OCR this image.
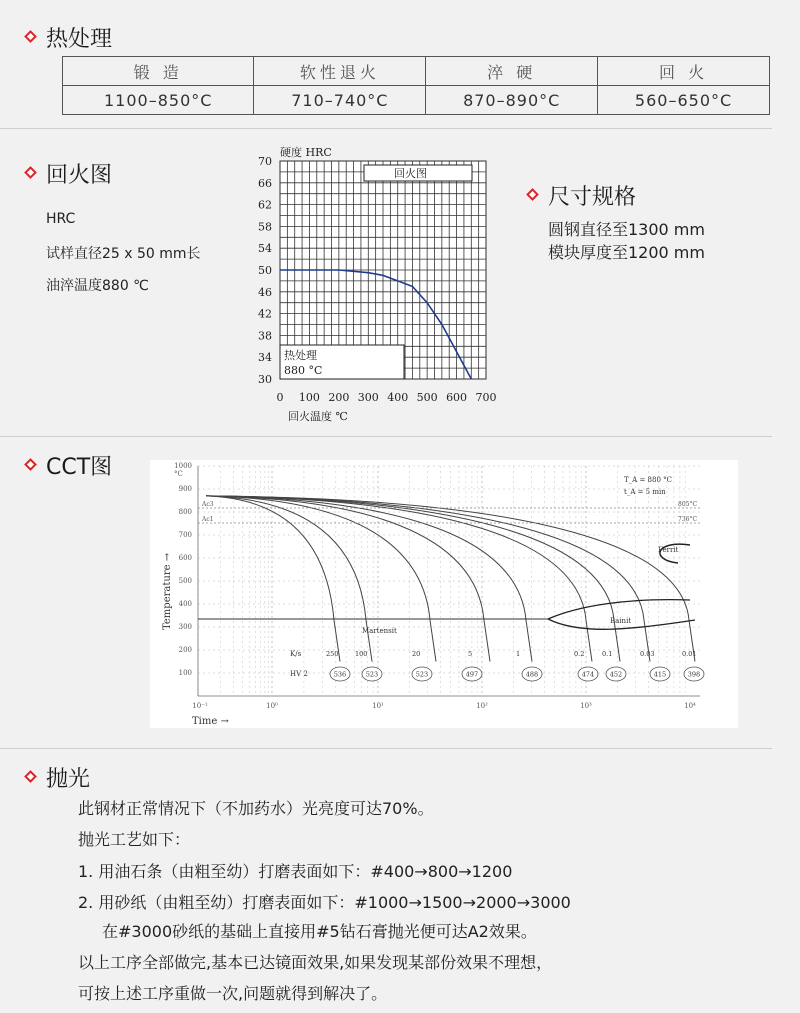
热处理
锻 造	软性退火	淬 硬	回 火
1100–850°C	710–740°C	870–890°C	560–650°C
回火图
HRC
试样直径25 x 50 mm长
油淬温度880 ℃
硬度 HRC
回火温度 ℃
30
34
38
42
46
50
54
58
62
66
70
0 100 200 300 400 500 600 700
回火图
热处理
880 °C
尺寸规格
圆钢直径至1300 mm
模块厚度至1200 mm
CCT图	°C
Temperature →
Time →
100
200
300
400
500
600
700
800
900
1000
Ac3
Ac1
805°C
736°C
T_A = 880 °C
t_A = 5 min
Ferrit
Bainit
Martensit
K/s
HV 2
250	100	20	5	1	0.2	0.1	0.03	0.01
536	523	523	497	488	474 452	415	398
10⁻¹	10⁰	10¹	10²	10³	10⁴
抛光
此钢材正常情况下（不加药水）光亮度可达70%。
抛光工艺如下：
1. 用油石条（由粗至幼）打磨表面如下：#400→800→1200
2. 用砂纸（由粗至幼）打磨表面如下：#1000→1500→2000→3000
在#3000砂纸的基础上直接用#5钻石膏抛光便可达A2效果。
以上工序全部做完,基本已达镜面效果,如果发现某部份效果不理想，
可按上述工序重做一次,问题就得到解决了。
